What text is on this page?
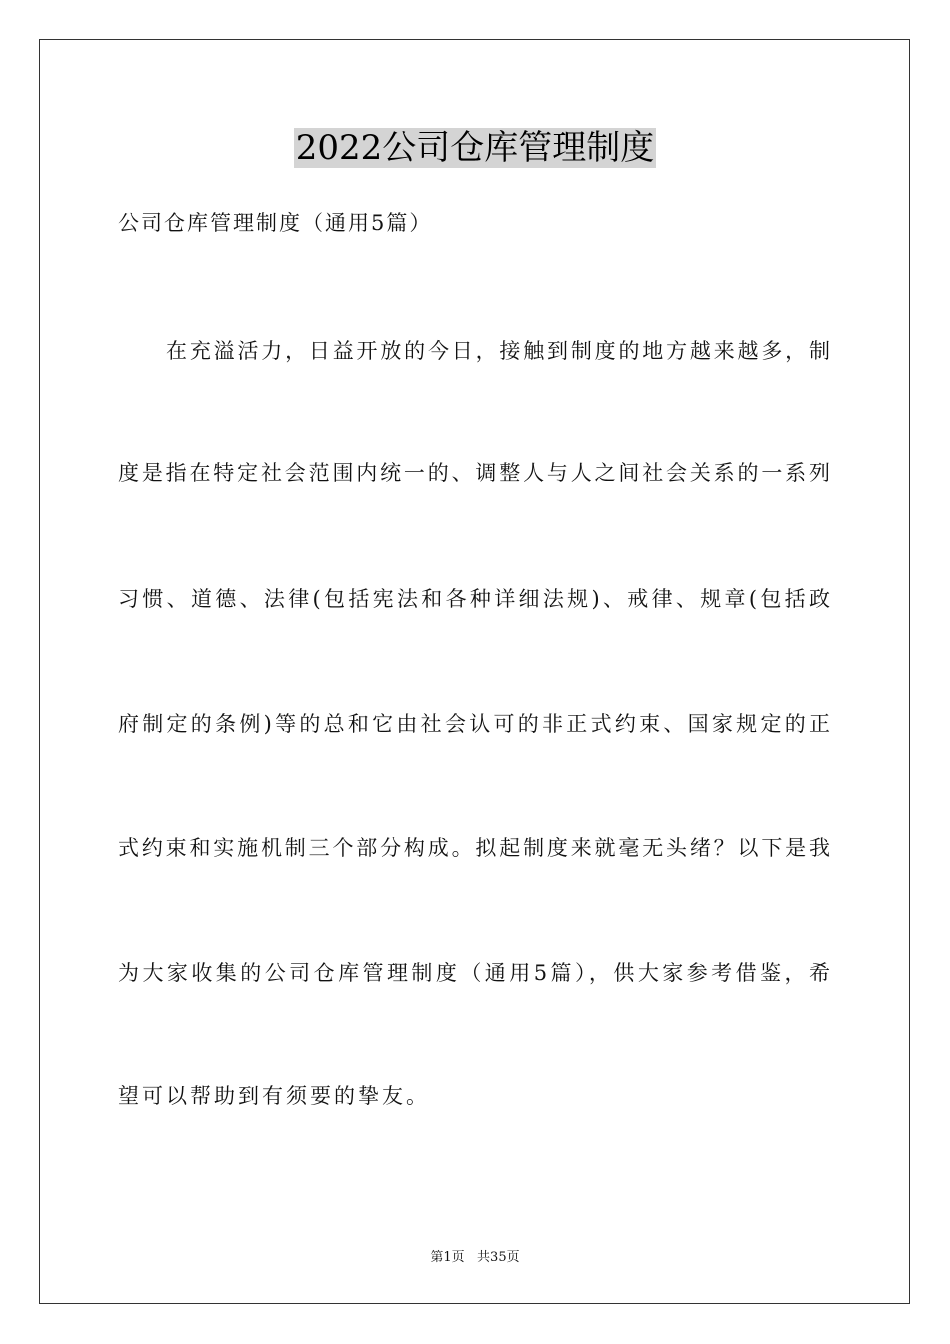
2022公司仓库管理制度
公司仓库管理制度（通用5篇）
在充溢活力，日益开放的今日，接触到制度的地方越来越多，制
度是指在特定社会范围内统一的、调整人与人之间社会关系的一系列
习惯、道德、法律(包括宪法和各种详细法规)、戒律、规章(包括政
府制定的条例)等的总和它由社会认可的非正式约束、国家规定的正
式约束和实施机制三个部分构成。拟起制度来就毫无头绪？以下是我
为大家收集的公司仓库管理制度（通用5篇），供大家参考借鉴，希
望可以帮助到有须要的挚友。
第1页   共35页
